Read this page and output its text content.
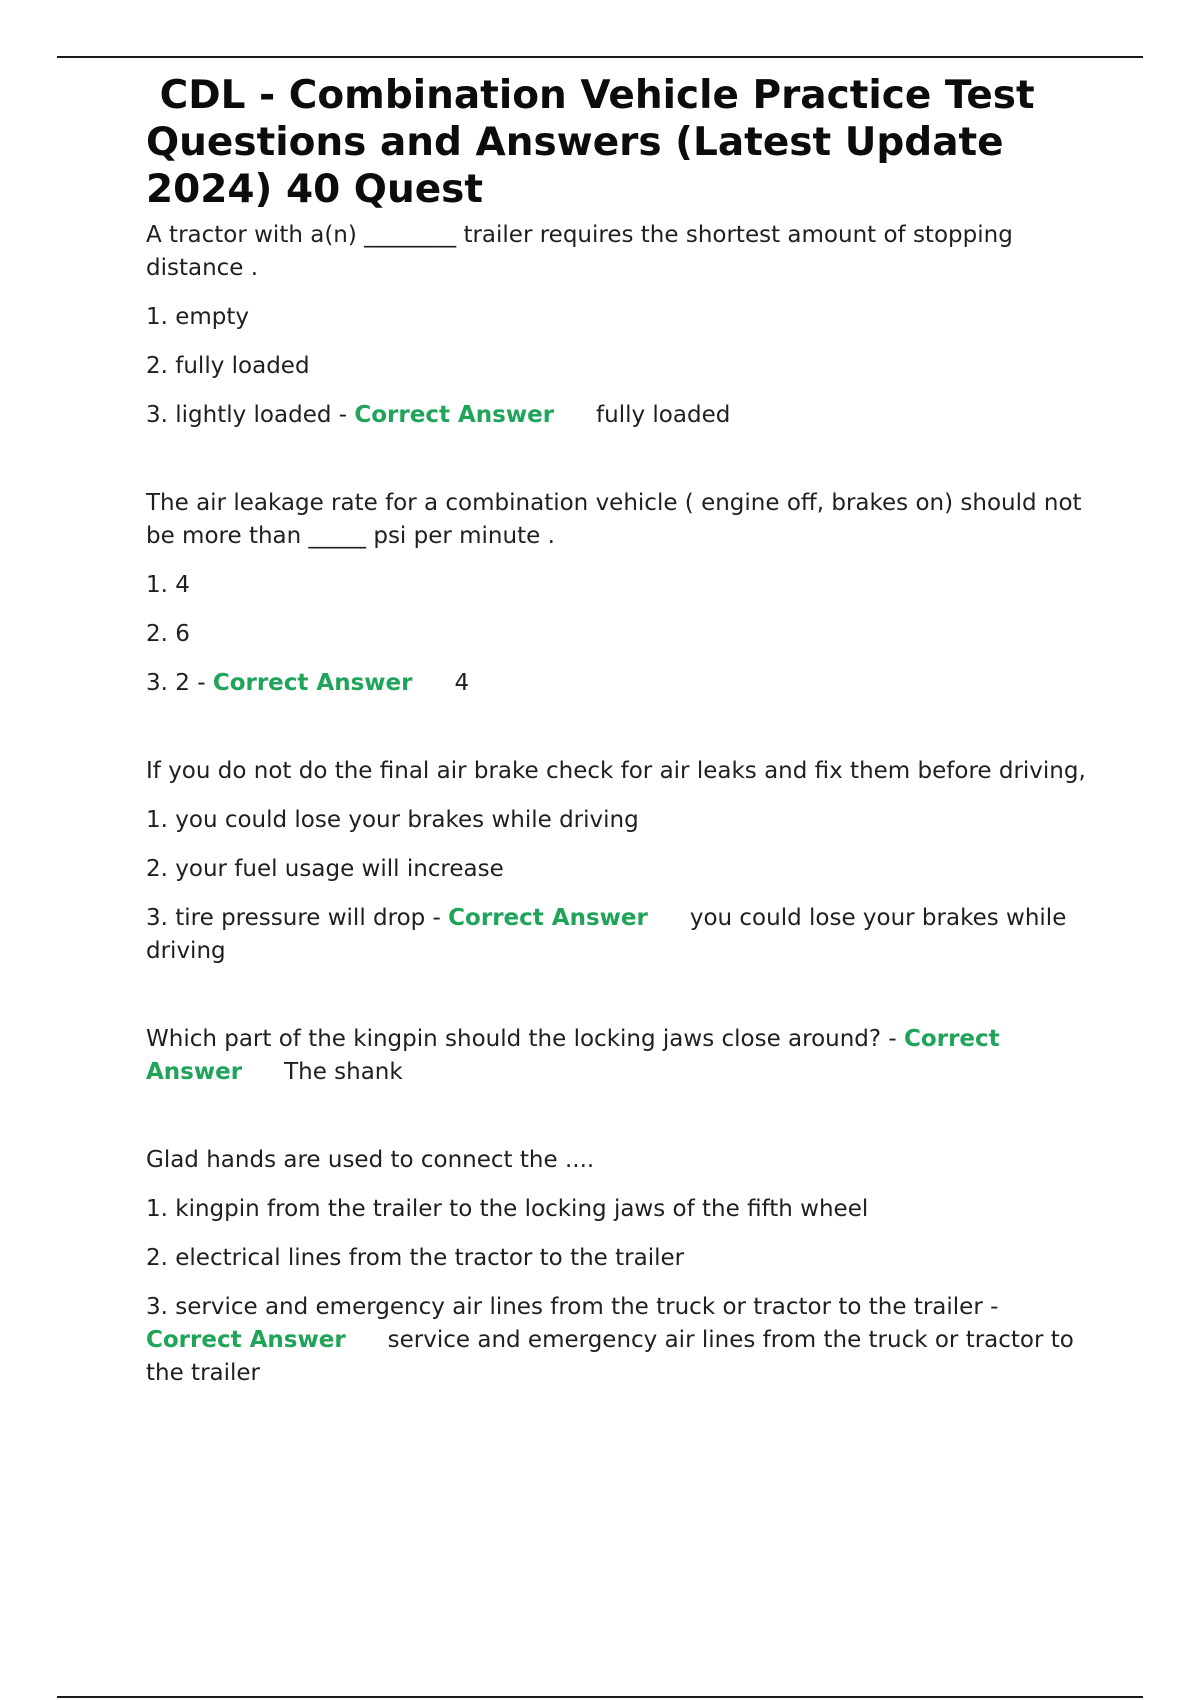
CDL - Combination Vehicle Practice Test Questions and Answers (Latest Update 2024) 40 Quest

A tractor with a(n) ________ trailer requires the shortest amount of stopping distance .

1. empty

2. fully loaded

3. lightly loaded - Correct Answer fully loaded

The air leakage rate for a combination vehicle ( engine off, brakes on) should not be more than _____ psi per minute .

1. 4

2. 6

3. 2 - Correct Answer 4

If you do not do the final air brake check for air leaks and fix them before driving,

1. you could lose your brakes while driving

2. your fuel usage will increase

3. tire pressure will drop - Correct Answer you could lose your brakes while driving

Which part of the kingpin should the locking jaws close around? - Correct
Answer The shank

Glad hands are used to connect the ....

1. kingpin from the trailer to the locking jaws of the fifth wheel

2. electrical lines from the tractor to the trailer

3. service and emergency air lines from the truck or tractor to the trailer -
Correct Answer service and emergency air lines from the truck or tractor to the trailer
